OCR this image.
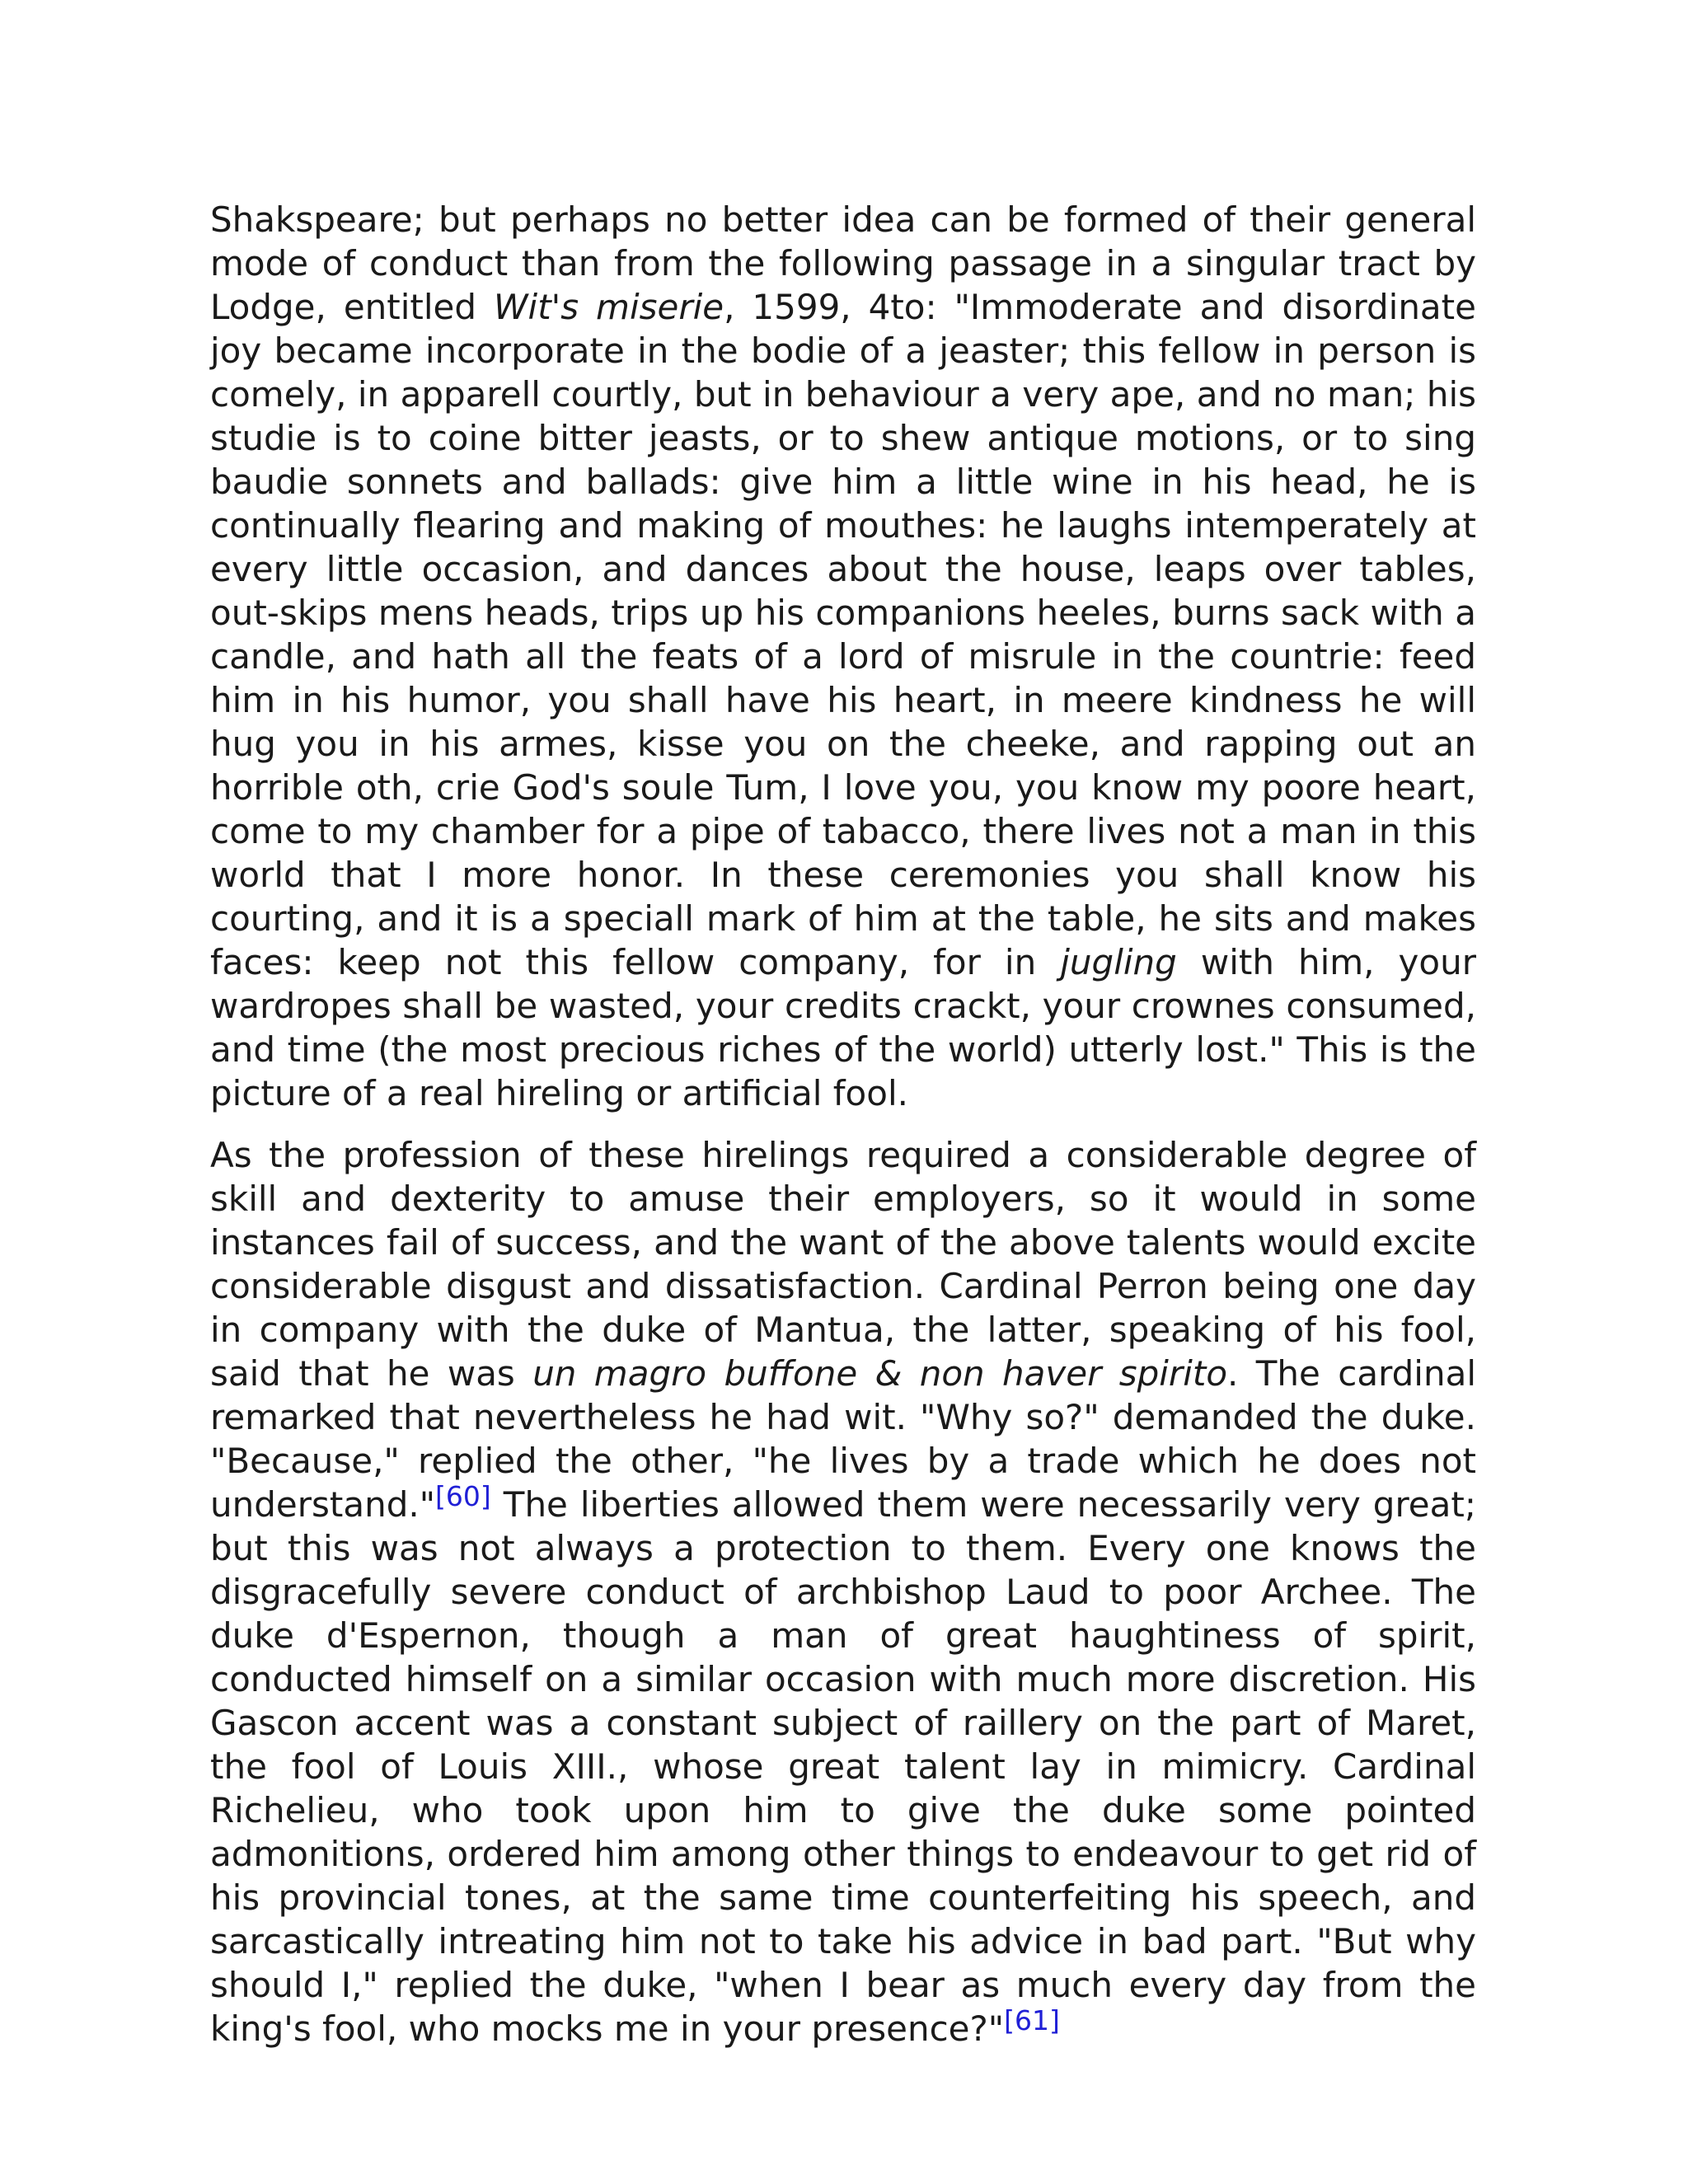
Shakspeare; but perhaps no better idea can be formed of their general mode of conduct than from the following passage in a singular tract by Lodge, entitled Wit's miserie, 1599, 4to: "Immoderate and disordinate joy became incorporate in the bodie of a jeaster; this fellow in person is comely, in apparell courtly, but in behaviour a very ape, and no man; his studie is to coine bitter jeasts, or to shew antique motions, or to sing baudie sonnets and ballads: give him a little wine in his head, he is continually flearing and making of mouthes: he laughs intemperately at every little occasion, and dances about the house, leaps over tables, out-skips mens heads, trips up his companions heeles, burns sack with a candle, and hath all the feats of a lord of misrule in the countrie: feed him in his humor, you shall have his heart, in meere kindness he will hug you in his armes, kisse you on the cheeke, and rapping out an horrible oth, crie God's soule Tum, I love you, you know my poore heart, come to my chamber for a pipe of tabacco, there lives not a man in this world that I more honor. In these ceremonies you shall know his courting, and it is a speciall mark of him at the table, he sits and makes faces: keep not this fellow company, for in jugling with him, your wardropes shall be wasted, your credits crackt, your crownes consumed, and time (the most precious riches of the world) utterly lost." This is the picture of a real hireling or artificial fool.

As the profession of these hirelings required a considerable degree of skill and dexterity to amuse their employers, so it would in some instances fail of success, and the want of the above talents would excite considerable disgust and dissatisfaction. Cardinal Perron being one day in company with the duke of Mantua, the latter, speaking of his fool, said that he was un magro buffone & non haver spirito. The cardinal remarked that nevertheless he had wit. "Why so?" demanded the duke. "Because," replied the other, "he lives by a trade which he does not understand."[60] The liberties allowed them were necessarily very great; but this was not always a protection to them. Every one knows the disgracefully severe conduct of archbishop Laud to poor Archee. The duke d'Espernon, though a man of great haughtiness of spirit, conducted himself on a similar occasion with much more discretion. His Gascon accent was a constant subject of raillery on the part of Maret, the fool of Louis XIII., whose great talent lay in mimicry. Cardinal Richelieu, who took upon him to give the duke some pointed admonitions, ordered him among other things to endeavour to get rid of his provincial tones, at the same time counterfeiting his speech, and sarcastically intreating him not to take his advice in bad part. "But why should I," replied the duke, "when I bear as much every day from the king's fool, who mocks me in your presence?"[61]
